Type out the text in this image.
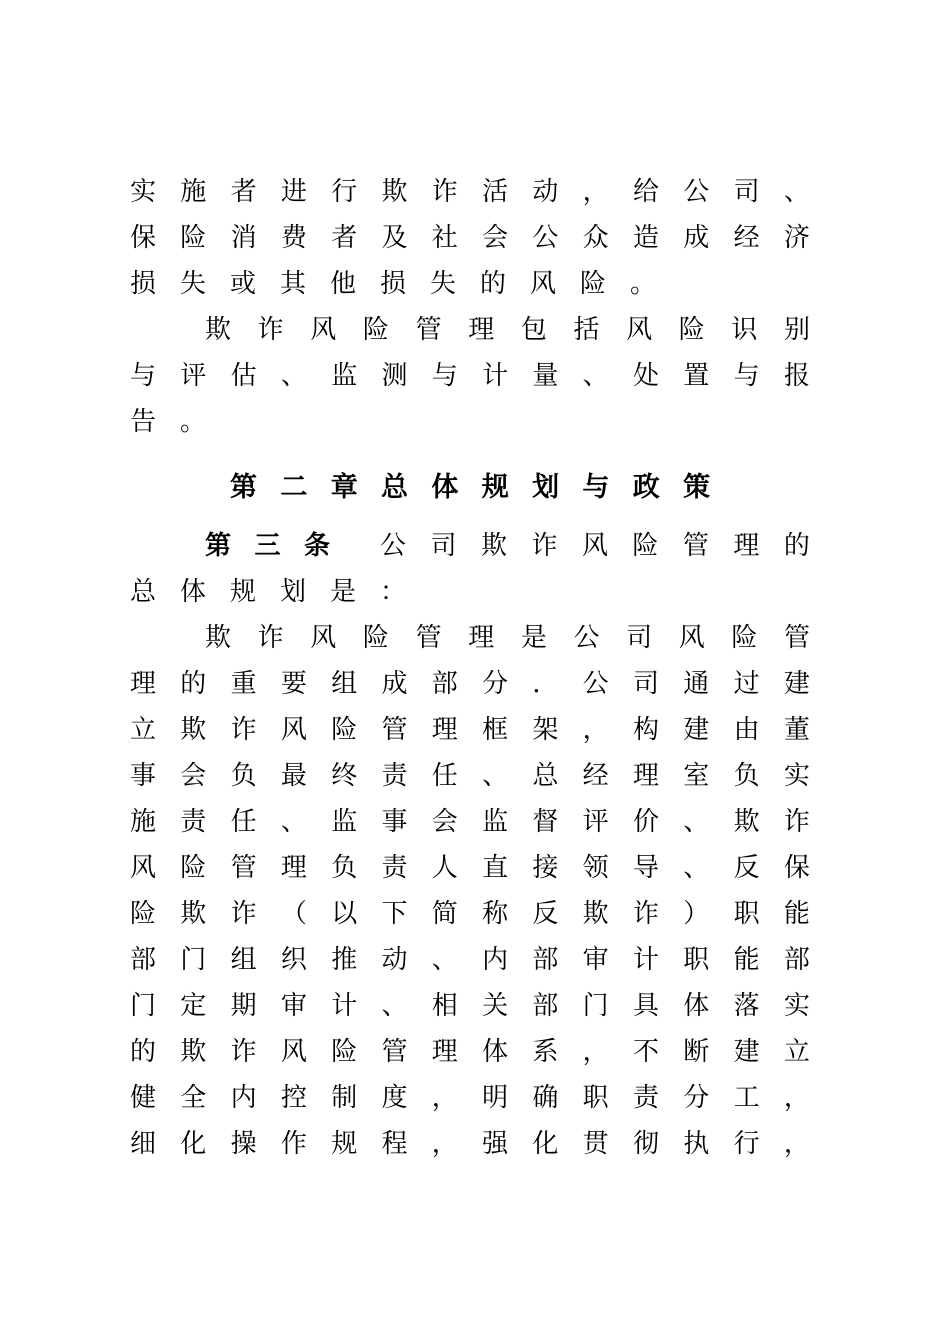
实 施 者 进 行 欺 诈 活 动 ， 给 公 司 、
保 险 消 费 者 及 社 会 公 众 造 成 经 济
损失或其他损失的风险。
欺 诈 风 险 管 理 包 括 风 险 识 别
与 评 估 、 监 测 与 计 量 、 处 置 与 报
告。
第 二 章 总 体 规 划 与 政 策
第 三 条 公 司 欺 诈 风 险 管 理 的
总体规划是：
欺 诈 风 险 管 理 是 公 司 风 险 管
理 的 重 要 组 成 部 分 ． 公 司 通 过 建
立 欺 诈 风 险 管 理 框 架 ， 构 建 由 董
事 会 负 最 终 责 任 、 总 经 理 室 负 实
施 责 任 、 监 事 会 监 督 评 价 、 欺 诈
风 险 管 理 负 责 人 直 接 领 导 、 反 保
险 欺 诈 （ 以 下 简 称 反 欺 诈 ） 职 能
部 门 组 织 推 动 、 内 部 审 计 职 能 部
门 定 期 审 计 、 相 关 部 门 具 体 落 实
的 欺 诈 风 险 管 理 体 系 ， 不 断 建 立
健 全 内 控 制 度 ， 明 确 职 责 分 工 ，
细 化 操 作 规 程 ， 强 化 贯 彻 执 行 ，
